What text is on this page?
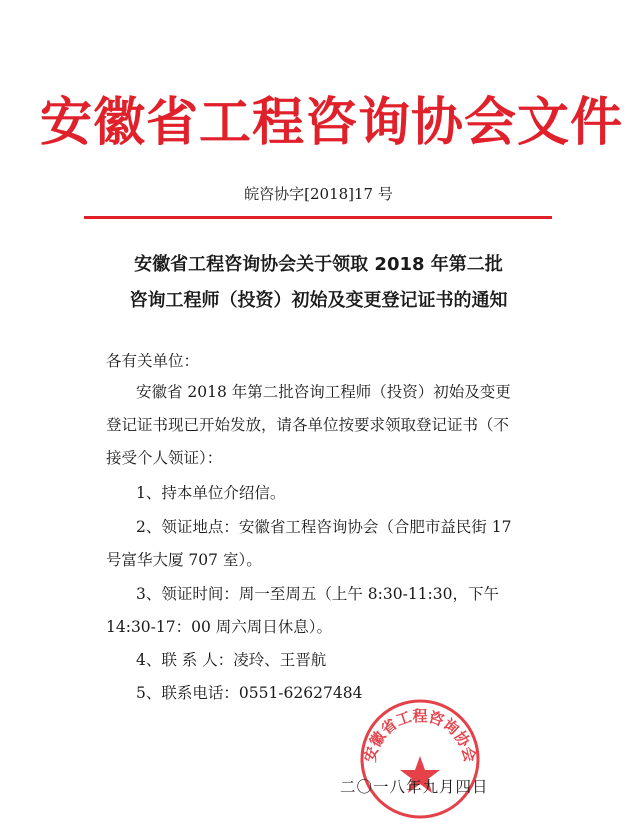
安徽省工程咨询协会文件
皖咨协字[2018]17 号
安徽省工程咨询协会关于领取 2018 年第二批
咨询工程师（投资）初始及变更登记证书的通知
各有关单位：
安徽省 2018 年第二批咨询工程师（投资）初始及变更
登记证书现已开始发放，请各单位按要求领取登记证书（不
接受个人领证）：
1、持本单位介绍信。
2、领证地点：安徽省工程咨询协会（合肥市益民街 17
号富华大厦 707 室）。
3、领证时间：周一至周五（上午 8:30-11:30，下午
14:30-17：00 周六周日休息）。
4、联 系 人：凌玲、王晋航
5、联系电话：0551-62627484
安徽省工程咨询协会
二〇一八年九月四日
